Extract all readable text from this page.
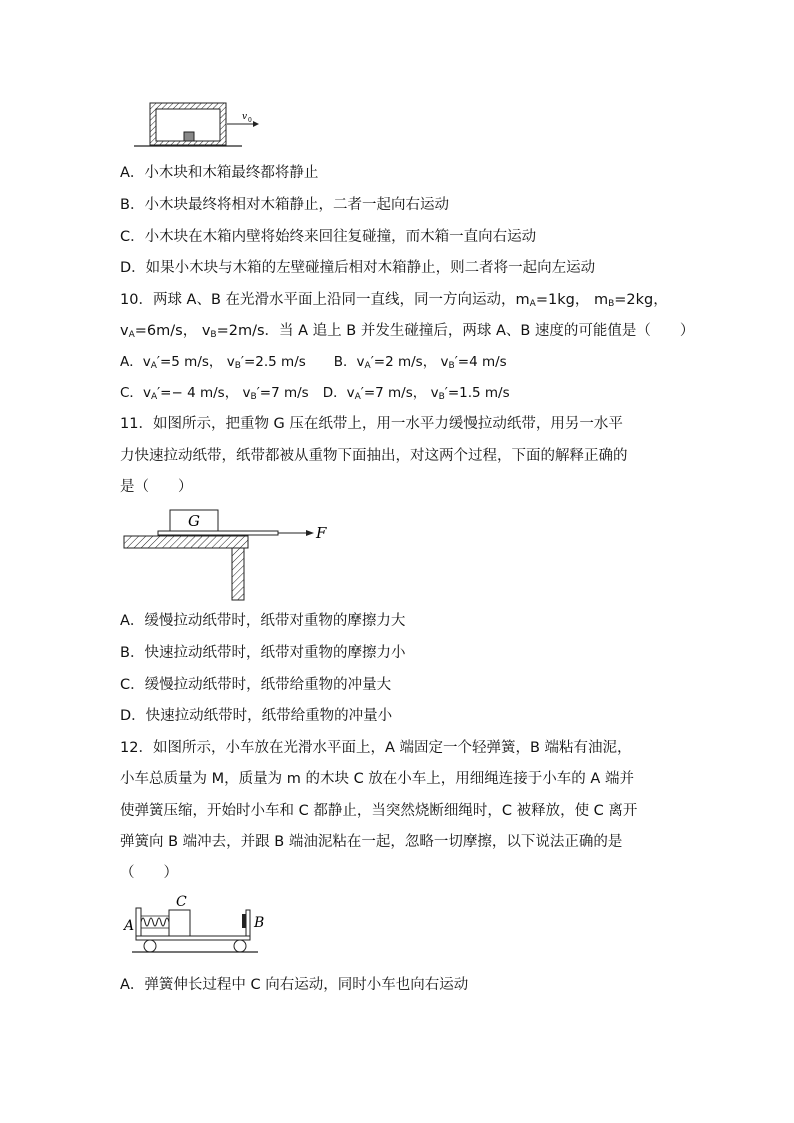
v 0
A．小木块和木箱最终都将静止
B．小木块最终将相对木箱静止，二者一起向右运动
C．小木块在木箱内壁将始终来回往复碰撞，而木箱一直向右运动
D．如果小木块与木箱的左壁碰撞后相对木箱静止，则二者将一起向左运动
10．两球 A、B 在光滑水平面上沿同一直线，同一方向运动，$m_A=1kg$， $m_B=2kg$，
$v_A=6m/s$， $v_B=2m/s$．当 A 追上 B 并发生碰撞后，两球 A、B 速度的可能值是（　　）
A．$v_A'=5$ m/s， $v_B'=2.5$ m/s B．$v_A'=2$ m/s， $v_B'=4$ m/s
C．$v_A'=- 4$ m/s， $v_B'=7$ m/s D．$v_A'=7$ m/s， $v_B'=1.5$ m/s
11．如图所示，把重物 G 压在纸带上，用一水平力缓慢拉动纸带，用另一水平
力快速拉动纸带，纸带都被从重物下面抽出，对这两个过程，下面的解释正确的
是（　　）
G
F
A．缓慢拉动纸带时，纸带对重物的摩擦力大
B．快速拉动纸带时，纸带对重物的摩擦力小
C．缓慢拉动纸带时，纸带给重物的冲量大
D．快速拉动纸带时，纸带给重物的冲量小
12．如图所示，小车放在光滑水平面上，A 端固定一个轻弹簧，B 端粘有油泥，
小车总质量为 M，质量为 m 的木块 C 放在小车上，用细绳连接于小车的 A 端并
使弹簧压缩，开始时小车和 C 都静止，当突然烧断细绳时，C 被释放，使 C 离开
弹簧向 B 端冲去，并跟 B 端油泥粘在一起，忽略一切摩擦，以下说法正确的是
（　　）
A
C
B
A．弹簧伸长过程中 C 向右运动，同时小车也向右运动
